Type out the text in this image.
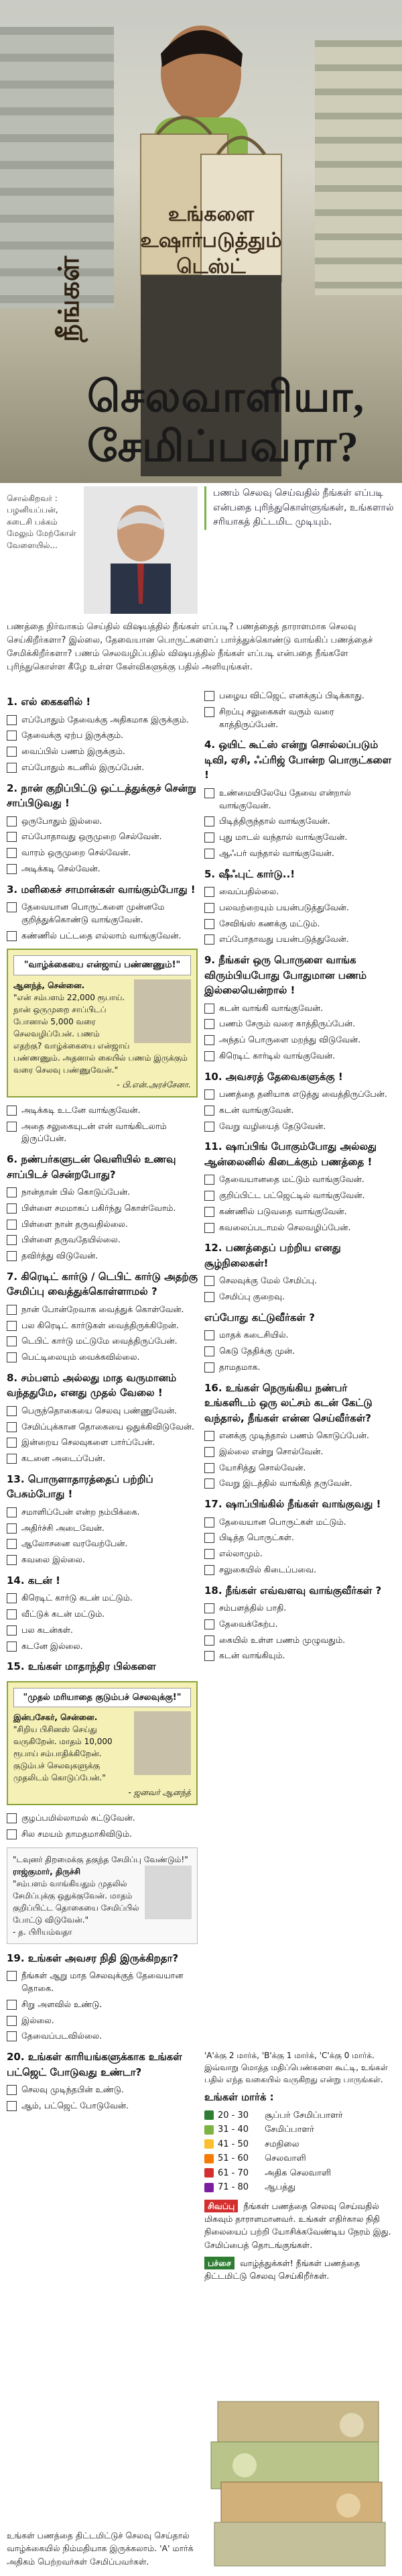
உங்களை
உஷார்படுத்தும்
டெஸ்ட்
நீங்கள்
செலவாளியா,
சேமிப்பவரா?
சொல்கிறவர் :
பழனியப்பன், கடைசி பக்கம் மேலும் மேற்கோள் வேளையில்...
பணம் செலவு செய்வதில் நீங்கள் எப்படி என்பதை புரிந்துகொள்ளுங்கள், உங்களால் சரியாகத் திட்டமிட முடியும்.
பணத்தை நிர்வாகம் செய்தில் விஷயத்தில் நீங்கள் எப்படி? பணத்தைத் தாராளமாக செலவு செய்கிறீர்களா? இல்லை, தேவையான பொருட்களைப் பார்த்துக்கொண்டு வாங்கிப் பணத்தைச் சேமிக்கிறீர்களா? பணம் செலவழிப்பதில் விஷயத்தில் நீங்கள் எப்படி என்பதை நீங்களே புரிந்துகொள்ள கீழே உள்ள கேள்விகளுக்கு பதில் அளியுங்கள்.
1. எல் கைகளில் !
எப்போதும் தேவைக்கு அதிகமாக இருக்கும்.
தேவைக்கு ஏற்ப இருக்கும்.
வைப்பில் பணம் இருக்கும்.
எப்போதும் கடனில் இருப்பேன்.
2. நான் குறிப்பிட்டு ஒட்டத்துக்குச் சென்று சாப்பிடுவது !
ஒருபோதும் இல்லை.
எப்போதாவது ஒருமுறை செல்வேன்.
வாரம் ஒருமுறை செல்வேன்.
அடிக்கடி செல்வேன்.
3. மளிகைச் சாமான்கள் வாங்கும்போது !
தேவையான பொருட்களை முன்னமே குறித்துக்கொண்டு வாங்குவேன்.
கண்ணில் பட்டதை எல்லாம் வாங்குவேன்.
"வாழ்க்கையை என்ஜாய் பண்ணணும்!"
ஆனந்த், சென்னை.
"என் சம்பளம் 22,000 ரூபாய். நான் ஒருமுறை சாப்பிடப் போனால் 5,000 வரை செலவழிப்பேன். பணம் எதற்கு? வாழ்க்கையை என்ஜாய் பண்ணணும். அதனால் கையில் பணம் இருக்கும் வரை செலவு பண்ணுவேன்."
- பி.என்.அரச்சேனா.
அடிக்கடி உடனே வாங்குவேன்.
அதை சலுகையுடன் என் வாங்கிடலாம் இருப்பேன்.
6. நண்பர்களுடன் வெளியில் உணவு சாப்பிடச் சென்றபோது?
நான்தான் பில் கொடுப்பேன்.
பிள்ளை சமமாகப் பகிர்ந்து கொள்வோம்.
பிள்ளை நான் தருவதில்லை.
பிள்ளை தருவதேயில்லை.
தவிர்த்து விடுவேன்.
7. கிரெடிட் கார்டு / டெபிட் கார்டு அதற்கு சேமிப்பு வைத்துக்கொள்ளாமல் ?
நான் போன்றேவாக வைத்துக் கொள்வேன்.
பல கிரெடிட் கார்டுகள் வைத்திருக்கிறேன்.
டெபிட் கார்டு மட்டுமே வைத்திருப்பேன்.
பெட்டிலையும் வைக்கவில்லை.
8. சம்பளம் அல்லது மாத வருமானம் வந்ததுமே, எனது முதல் வேலை !
பெருந்தொகையை செலவு பண்ணுவேன்.
சேமிப்புக்கான தொகையை ஒதுக்கிவிடுவேன்.
இன்றைய செலவுகளை பார்ப்பேன்.
கடனை அடைப்பேன்.
13. பொருளாதாரத்தைப் பற்றிப் பேசும்போது !
சமாளிப்பேன் என்ற நம்பிக்கை.
அதிர்ச்சி அடைவேன்.
ஆலோசனை வரவேற்பேன்.
கவலை இல்லை.
14. கடன் !
கிரெடிட் கார்டு கடன் மட்டும்.
வீட்டுக் கடன் மட்டும்.
பல கடன்கள்.
கடனே இல்லை.
15. உங்கள் மாதாந்திர பில்களை
"முதல் மரியாதை குடும்பச் செலவுக்கு!"
இன்பசேகர், சென்னை.
"சிறிய பிசினஸ் செய்து வருகிறேன். மாதம் 10,000 ரூபாய் சம்பாதிக்கிறேன். குடும்பச் செலவுகளுக்கு முதலிடம் கொடுப்பேன்."
- ஜனவர் ஆனந்த்
குழப்பமில்லாமல் கட்டுவேன்.
சில சமயம் தாமதமாகிவிடும்.
"டவுனர் திறமைக்கு தகுந்த சேமிப்பு வேண்டும்!"
ராஜ்குமார், திருச்சி
"சம்பளம் வாங்கியதும் முதலில் சேமிப்புக்கு ஒதுக்குவேன். மாதம் குறிப்பிட்ட தொகையை சேமிப்பில் போட்டு விடுவேன்."
- த. பிரியம்வதா
19. உங்கள் அவசர நிதி இருக்கிறதா?
நீங்கள் ஆறு மாத செலவுக்குத் தேவையான தொகை.
சிறு அளவில் உண்டு.
இல்லை.
தேவைப்படவில்லை.
20. உங்கள் காரியங்களுக்காக உங்கள் பட்ஜெட் போடுவது உண்டா?
செலவு முடிந்தபின் உண்டு.
ஆம், பட்ஜெட் போடுவேன்.
பழைய விட்ஜெட் எனக்குப் பிடிக்காது.
சிறப்பு சலுகைகள் வரும் வரை காத்திருப்பேன்.
4. ஒயிட் கூட்ஸ் என்று சொல்லப்படும் டிவி, ஏசி, ஃப்ரிஜ் போன்ற பொருட்களை !
உண்மையிலேயே தேவை என்றால் வாங்குவேன்.
பிடித்திருந்தால் வாங்குவேன்.
புது மாடல் வந்தால் வாங்குவேன்.
ஆஃபர் வந்தால் வாங்குவேன்.
5. ஷீஃபுட் கார்டு..!
வைப்பதில்லை.
பலவற்றையும் பயன்படுத்துவேன்.
சேவிங்ஸ் கணக்கு மட்டும்.
எப்போதாவது பயன்படுத்துவேன்.
9. நீங்கள் ஒரு பொருளை வாங்க விரும்பியபோது போதுமான பணம் இல்லையென்றால் !
கடன் வாங்கி வாங்குவேன்.
பணம் சேரும் வரை காத்திருப்பேன்.
அந்தப் பொருளை மறந்து விடுவேன்.
கிரெடிட் கார்டில் வாங்குவேன்.
10. அவசரத் தேவைகளுக்கு !
பணத்தை தனியாக எடுத்து வைத்திருப்பேன்.
கடன் வாங்குவேன்.
வேறு வழியைத் தேடுவேன்.
11. ஷாப்பிங் போகும்போது அல்லது ஆன்லைனில் கிடைக்கும் பணத்தை !
தேவையானதை மட்டும் வாங்குவேன்.
குறிப்பிட்ட பட்ஜெட்டில் வாங்குவேன்.
கண்ணில் படுவதை வாங்குவேன்.
கவலைப்படாமல் செலவழிப்பேன்.
12. பணத்தைப் பற்றிய எனது சூழ்நிலைகள்!
செலவுக்கு மேல் சேமிப்பு.
சேமிப்பு குறைவு.
எப்போது கட்டுவீர்கள் ?
மாதக் கடைசியில்.
கெடு தேதிக்கு முன்.
தாமதமாக.
16. உங்கள் நெருங்கிய நண்பர் உங்களிடம் ஒரு லட்சம் கடன் கேட்டு வந்தால், நீங்கள் என்ன செய்வீர்கள்?
எனக்கு முடிந்தால் பணம் கொடுப்பேன்.
இல்லை என்று சொல்வேன்.
யோசித்து சொல்வேன்.
வேறு இடத்தில் வாங்கித் தருவேன்.
17. ஷாப்பிங்கில் நீங்கள் வாங்குவது !
தேவையான பொருட்கள் மட்டும்.
பிடித்த பொருட்கள்.
எல்லாமும்.
சலுகையில் கிடைப்பவை.
18. நீங்கள் எவ்வளவு வாங்குவீர்கள் ?
சம்பளத்தில் பாதி.
தேவைக்கேற்ப.
கையில் உள்ள பணம் முழுவதும்.
கடன் வாங்கியும்.
'A'க்கு 2 மார்க், 'B'க்கு 1 மார்க், 'C'க்கு 0 மார்க். இவ்வாறு மொத்த மதிப்பெண்களை கூட்டி, உங்கள் பதில் எந்த வகையில் வருகிறது என்று பாருங்கள்.
உங்கள் மார்க் :
20 - 30	சூப்பர் சேமிப்பாளர்
31 - 40	சேமிப்பாளர்
41 - 50	சமநிலை
51 - 60	செலவாளி
61 - 70	அதிக செலவாளி
71 - 80	ஆபத்து
சிவப்பு நீங்கள் பணத்தை செலவு செய்வதில் மிகவும் தாராளமானவர். உங்கள் எதிர்கால நிதி நிலையைப் பற்றி யோசிக்கவேண்டிய நேரம் இது. சேமிப்பைத் தொடங்குங்கள்.
பச்சை வாழ்த்துக்கள்! நீங்கள் பணத்தை திட்டமிட்டு செலவு செய்கிறீர்கள்.
உங்கள் பணத்தை திட்டமிட்டுச் செலவு செய்தால் வாழ்க்கையில் நிம்மதியாக இருக்கலாம். 'A' மார்க் அதிகம் பெற்றவர்கள் சேமிப்பவர்கள்.
